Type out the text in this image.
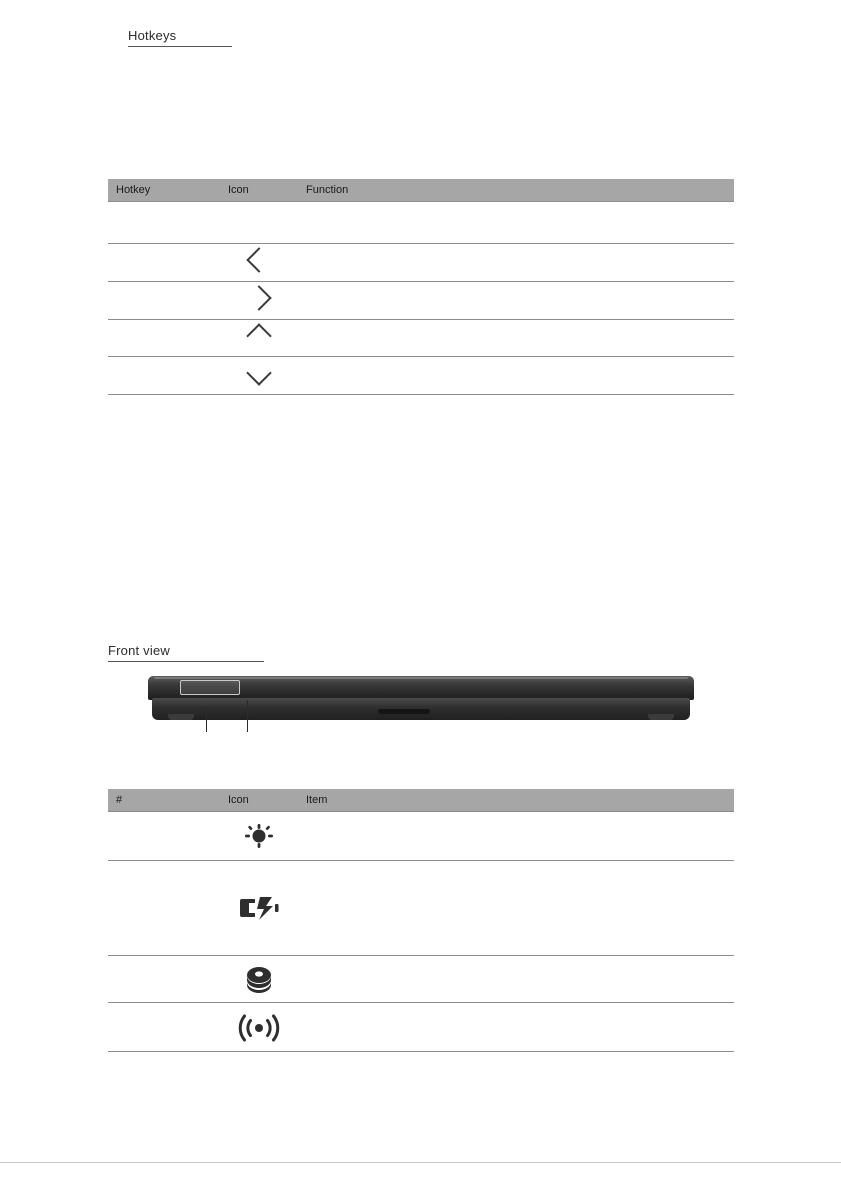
Hotkeys
Hotkey	Icon	Function

Front view
#	Icon	Item
